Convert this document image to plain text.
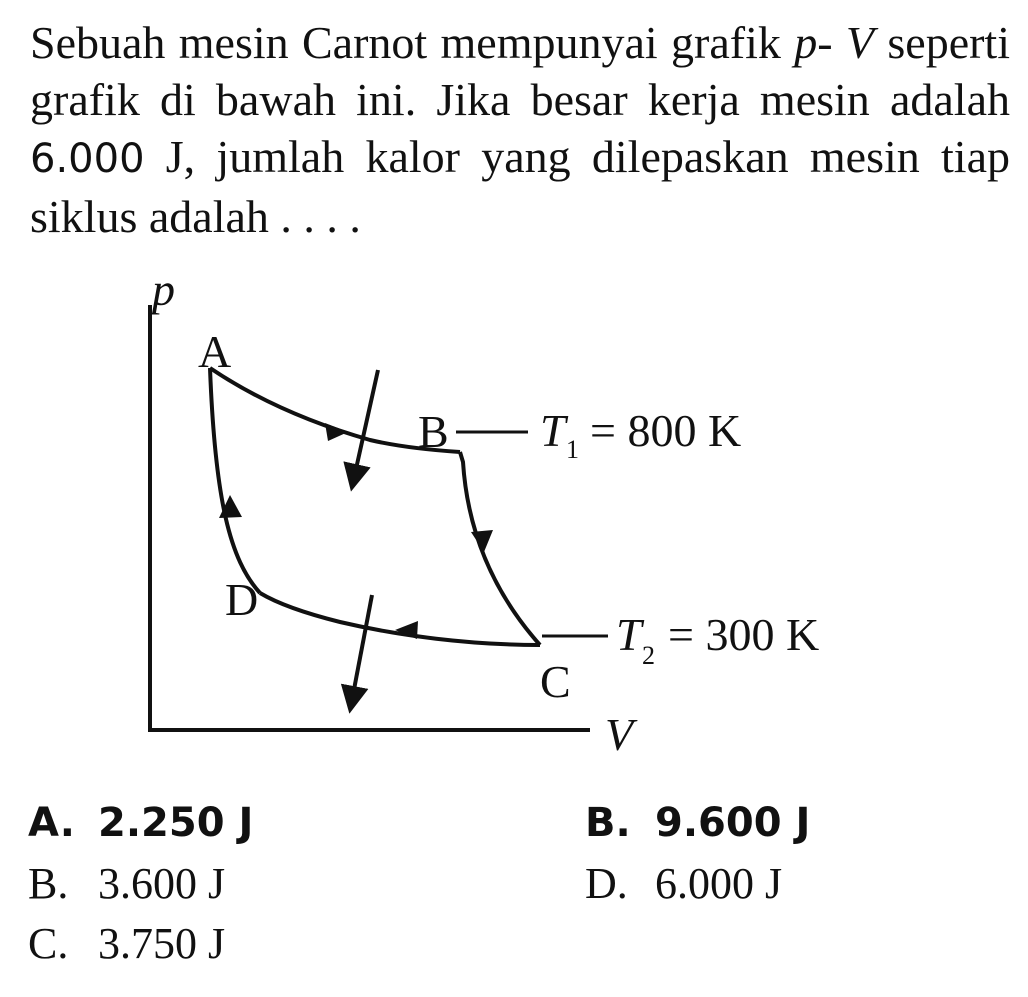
Sebuah mesin Carnot mempunyai grafik p- V seperti grafik di bawah ini. Jika besar kerja mesin adalah 6.000 J, jumlah kalor yang dilepaskan mesin tiap siklus adalah . . . .
p
A
B
D
C
V
T 1 = 800 K
T 2 = 300 K
A. 2.250 J	B. 9.600 J
B. 3.600 J	D. 6.000 J
C. 3.750 J
